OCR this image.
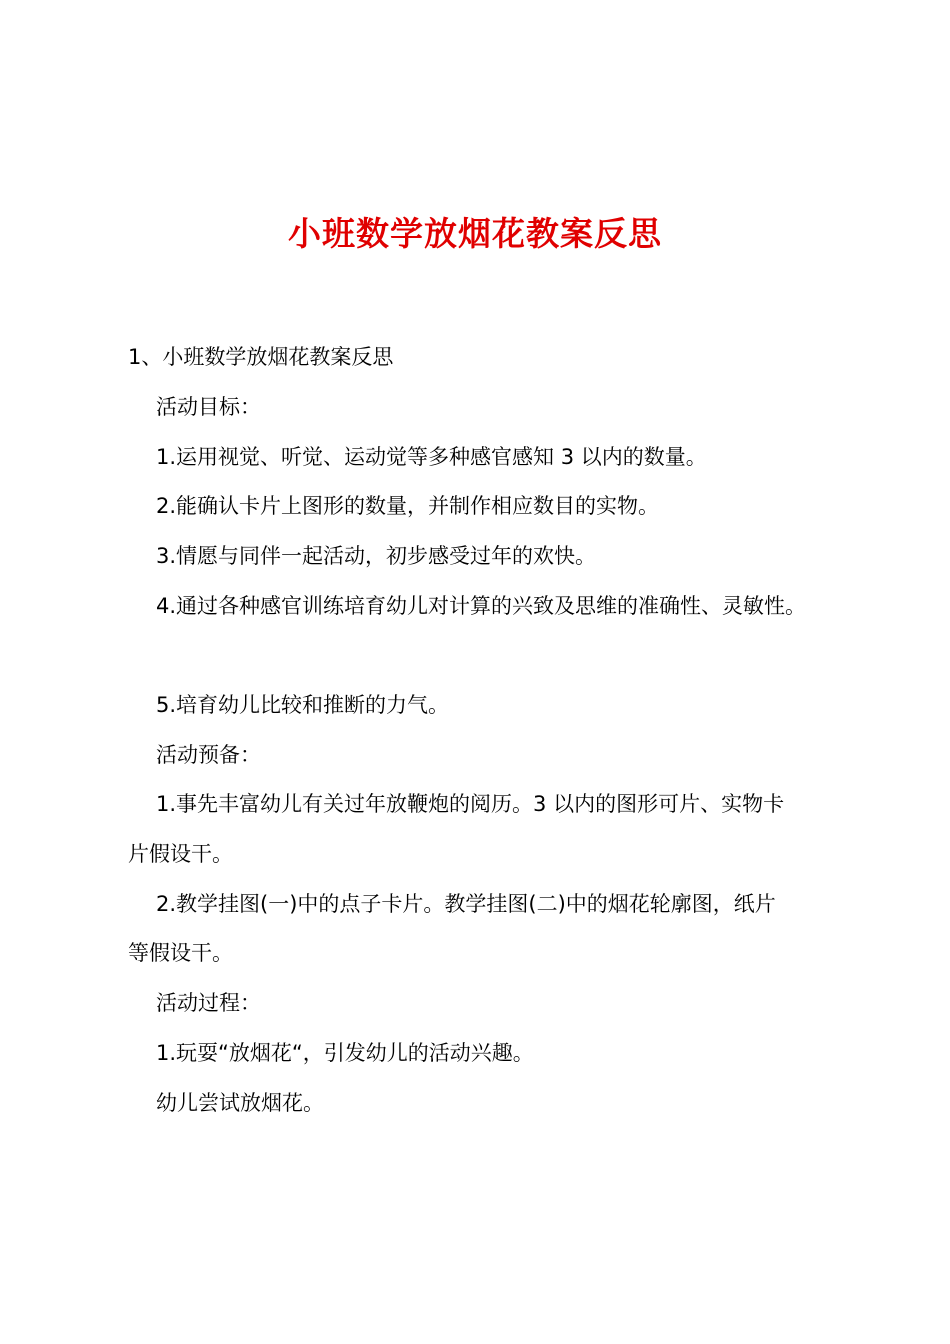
小班数学放烟花教案反思
1、小班数学放烟花教案反思
活动目标：
1.运用视觉、听觉、运动觉等多种感官感知 3 以内的数量。
2.能确认卡片上图形的数量，并制作相应数目的实物。
3.情愿与同伴一起活动，初步感受过年的欢快。
4.通过各种感官训练培育幼儿对计算的兴致及思维的准确性、灵敏性。
5.培育幼儿比较和推断的力气。
活动预备：
1.事先丰富幼儿有关过年放鞭炮的阅历。3 以内的图形可片、实物卡
片假设干。
2.教学挂图(一)中的点子卡片。教学挂图(二)中的烟花轮廓图，纸片
等假设干。
活动过程：
1.玩耍“放烟花“，引发幼儿的活动兴趣。
幼儿尝试放烟花。
